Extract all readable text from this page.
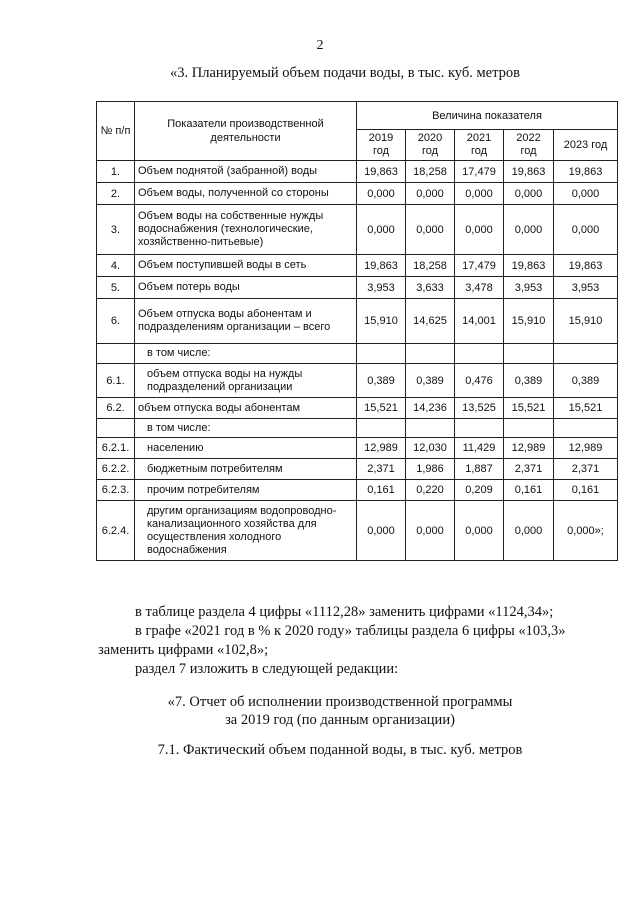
2
«3. Планируемый объем подачи воды, в тыс. куб. метров
№ п/п	Показатели производственной деятельности	Величина показателя				
		2019 год	2020 год	2021 год	2022 год	2023 год
1.	Объем поднятой (забранной) воды	19,863	18,258	17,479	19,863	19,863
2.	Объем воды, полученной со стороны	0,000	0,000	0,000	0,000	0,000
3.	Объем воды на собственные нужды водоснабжения (технологические, хозяйственно-питьевые)	0,000	0,000	0,000	0,000	0,000
4.	Объем поступившей воды в сеть	19,863	18,258	17,479	19,863	19,863
5.	Объем потерь воды	3,953	3,633	3,478	3,953	3,953
6.	Объем отпуска воды абонентам и подразделениям организации – всего	15,910	14,625	14,001	15,910	15,910
	в том числе:					
6.1.	объем отпуска воды на нужды подразделений организации	0,389	0,389	0,476	0,389	0,389
6.2.	объем отпуска воды абонентам	15,521	14,236	13,525	15,521	15,521
	в том числе:					
6.2.1.	населению	12,989	12,030	11,429	12,989	12,989
6.2.2.	бюджетным потребителям	2,371	1,986	1,887	2,371	2,371
6.2.3.	прочим потребителям	0,161	0,220	0,209	0,161	0,161
6.2.4.	другим организациям водопроводно-канализационного хозяйства для осуществления холодного водоснабжения	0,000	0,000	0,000	0,000	0,000»;
в таблице раздела 4 цифры «1112,28» заменить цифрами «1124,34»;
в графе «2021 год в % к 2020 году» таблицы раздела 6 цифры «103,3»
заменить цифрами «102,8»;
раздел 7 изложить в следующей редакции:
«7. Отчет об исполнении производственной программы
за 2019 год (по данным организации)
7.1. Фактический объем поданной воды, в тыс. куб. метров
